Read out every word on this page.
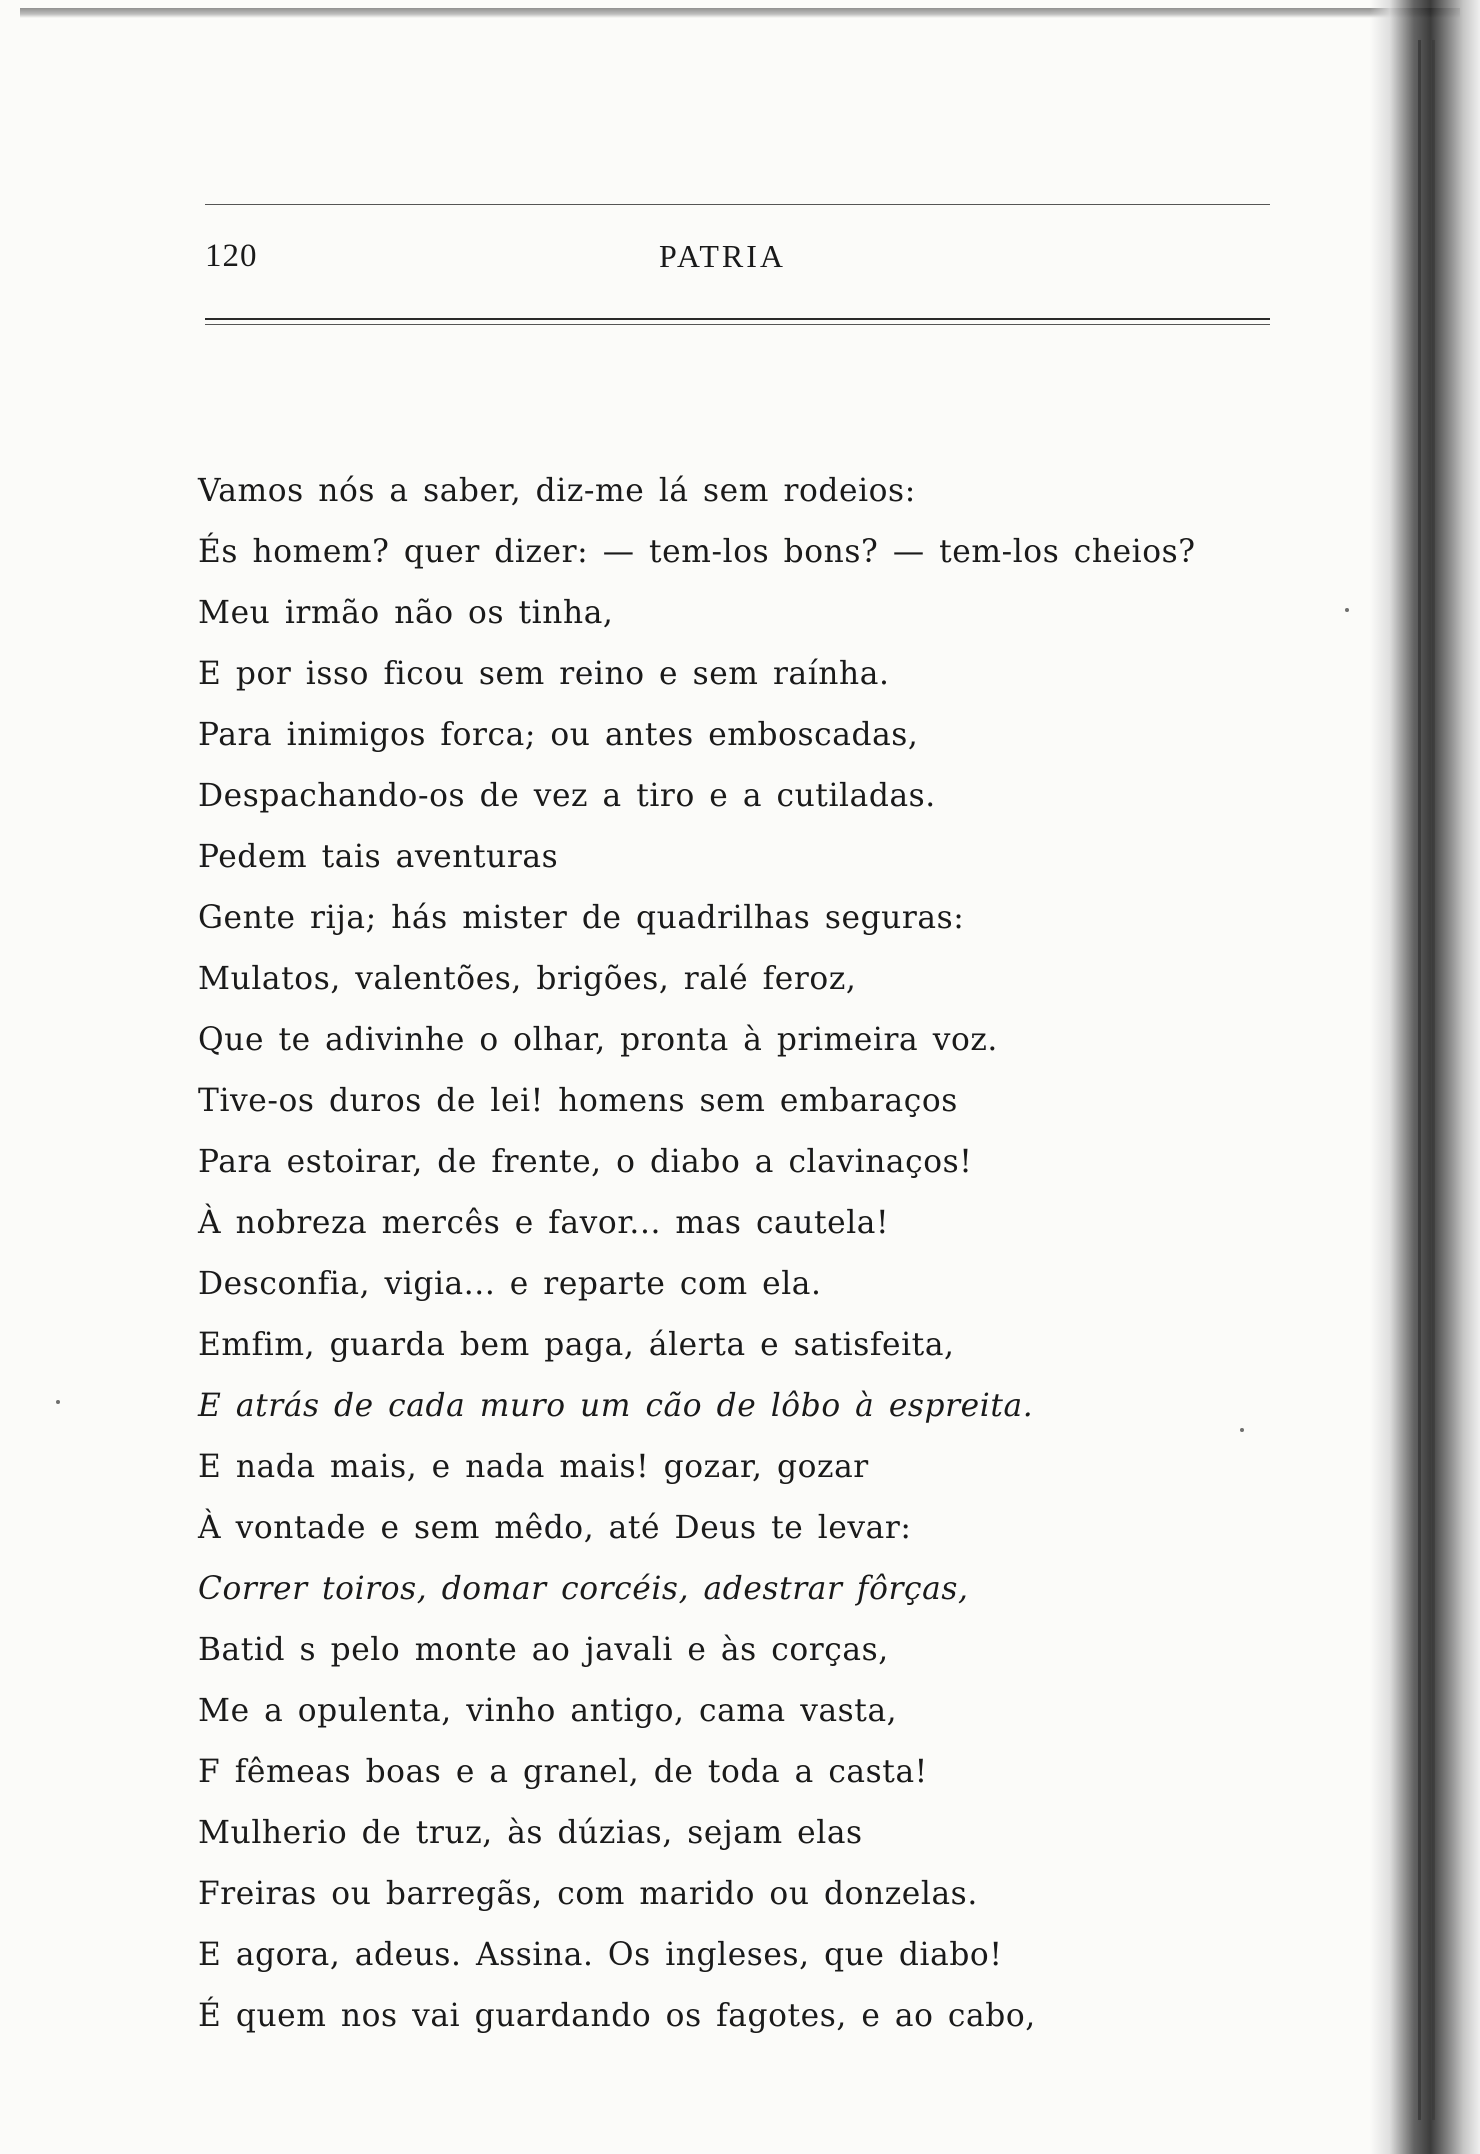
120	PATRIA
Vamos nós a saber, diz-me lá sem rodeios:
És homem? quer dizer: — tem-los bons? — tem-los cheios?
Meu irmão não os tinha,
E por isso ficou sem reino e sem raínha.
Para inimigos forca; ou antes emboscadas,
Despachando-os de vez a tiro e a cutiladas.
Pedem tais aventuras
Gente rija; hás mister de quadrilhas seguras:
Mulatos, valentões, brigões, ralé feroz,
Que te adivinhe o olhar, pronta à primeira voz.
Tive-os duros de lei! homens sem embaraços
Para estoirar, de frente, o diabo a clavinaços!
À nobreza mercês e favor... mas cautela!
Desconfia, vigia... e reparte com ela.
Emfim, guarda bem paga, álerta e satisfeita,
E atrás de cada muro um cão de lôbo à espreita.
E nada mais, e nada mais! gozar, gozar
À vontade e sem mêdo, até Deus te levar:
Correr toiros, domar corcéis, adestrar fôrças,
Batid s pelo monte ao javali e às corças,
Me a opulenta, vinho antigo, cama vasta,
F fêmeas boas e a granel, de toda a casta!
Mulherio de truz, às dúzias, sejam elas
Freiras ou barregãs, com marido ou donzelas.
E agora, adeus. Assina. Os ingleses, que diabo!
É quem nos vai guardando os fagotes, e ao cabo,
